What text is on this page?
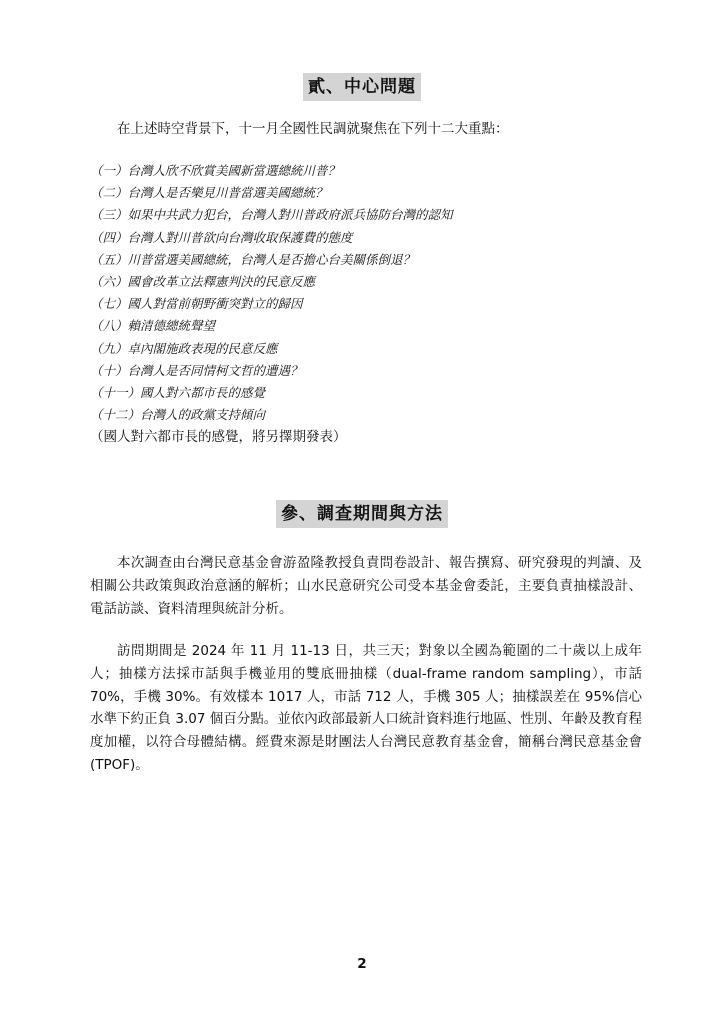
貳、中心問題
在上述時空背景下，十一月全國性民調就聚焦在下列十二大重點：
（一）台灣人欣不欣賞美國新當選總統川普？
（二）台灣人是否樂見川普當選美國總統？
（三）如果中共武力犯台，台灣人對川普政府派兵協防台灣的認知
（四）台灣人對川普欲向台灣收取保護費的態度
（五）川普當選美國總統，台灣人是否擔心台美關係倒退？
（六）國會改革立法釋憲判決的民意反應
（七）國人對當前朝野衝突對立的歸因
（八）賴清德總統聲望
（九）卓內閣施政表現的民意反應
（十）台灣人是否同情柯文哲的遭遇？
（十一）國人對六都市長的感覺
（十二）台灣人的政黨支持傾向
（國人對六都市長的感覺，將另擇期發表）
參、調查期間與方法

本次調查由台灣民意基金會游盈隆教授負責問卷設計、報告撰寫、研究發現的判讀、及相關公共政策與政治意涵的解析；山水民意研究公司受本基金會委託，主要負責抽樣設計、電話訪談、資料清理與統計分析。

訪問期間是 2024 年 11 月 11-13 日，共三天；對象以全國為範圍的二十歲以上成年人；抽樣方法採市話與手機並用的雙底冊抽樣（dual-frame random sampling），市話 70%，手機 30%。有效樣本 1017 人，市話 712 人，手機 305 人；抽樣誤差在 95%信心水準下約正負 3.07 個百分點。並依內政部最新人口統計資料進行地區、性別、年齡及教育程度加權，以符合母體結構。經費來源是財團法人台灣民意教育基金會，簡稱台灣民意基金會(TPOF)。

2
